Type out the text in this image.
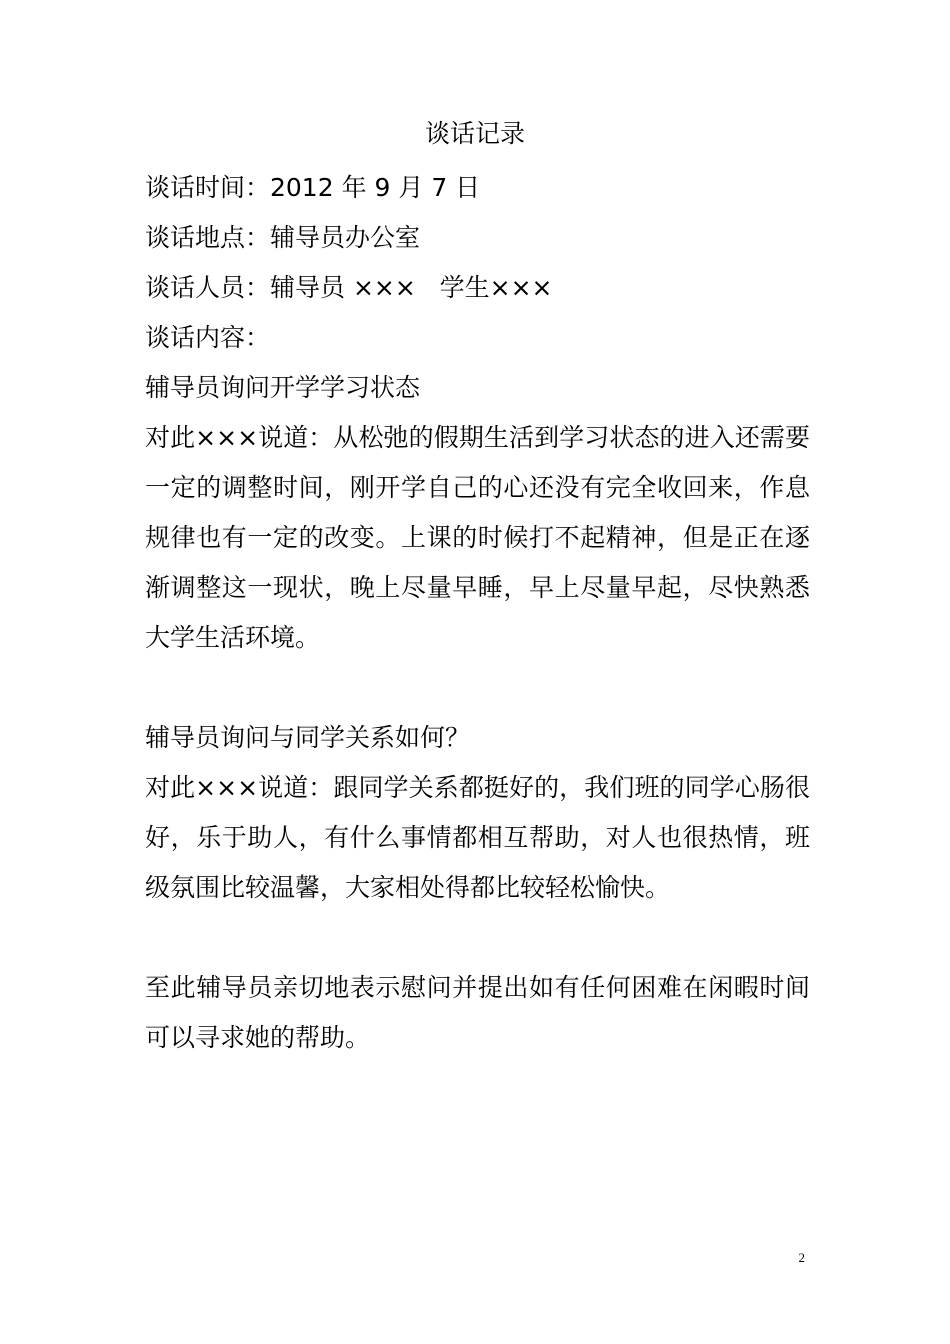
谈话记录
谈话时间：2012 年 9 月 7 日
谈话地点：辅导员办公室
谈话人员：辅导员 ×××   学生×××
谈话内容：
辅导员询问开学学习状态
对此×××说道：从松弛的假期生活到学习状态的进入还需要一定的调整时间，刚开学自己的心还没有完全收回来，作息规律也有一定的改变。上课的时候打不起精神，但是正在逐渐调整这一现状，晚上尽量早睡，早上尽量早起，尽快熟悉大学生活环境。
辅导员询问与同学关系如何？
对此×××说道：跟同学关系都挺好的，我们班的同学心肠很好，乐于助人，有什么事情都相互帮助，对人也很热情，班级氛围比较温馨，大家相处得都比较轻松愉快。
至此辅导员亲切地表示慰问并提出如有任何困难在闲暇时间可以寻求她的帮助。
2
